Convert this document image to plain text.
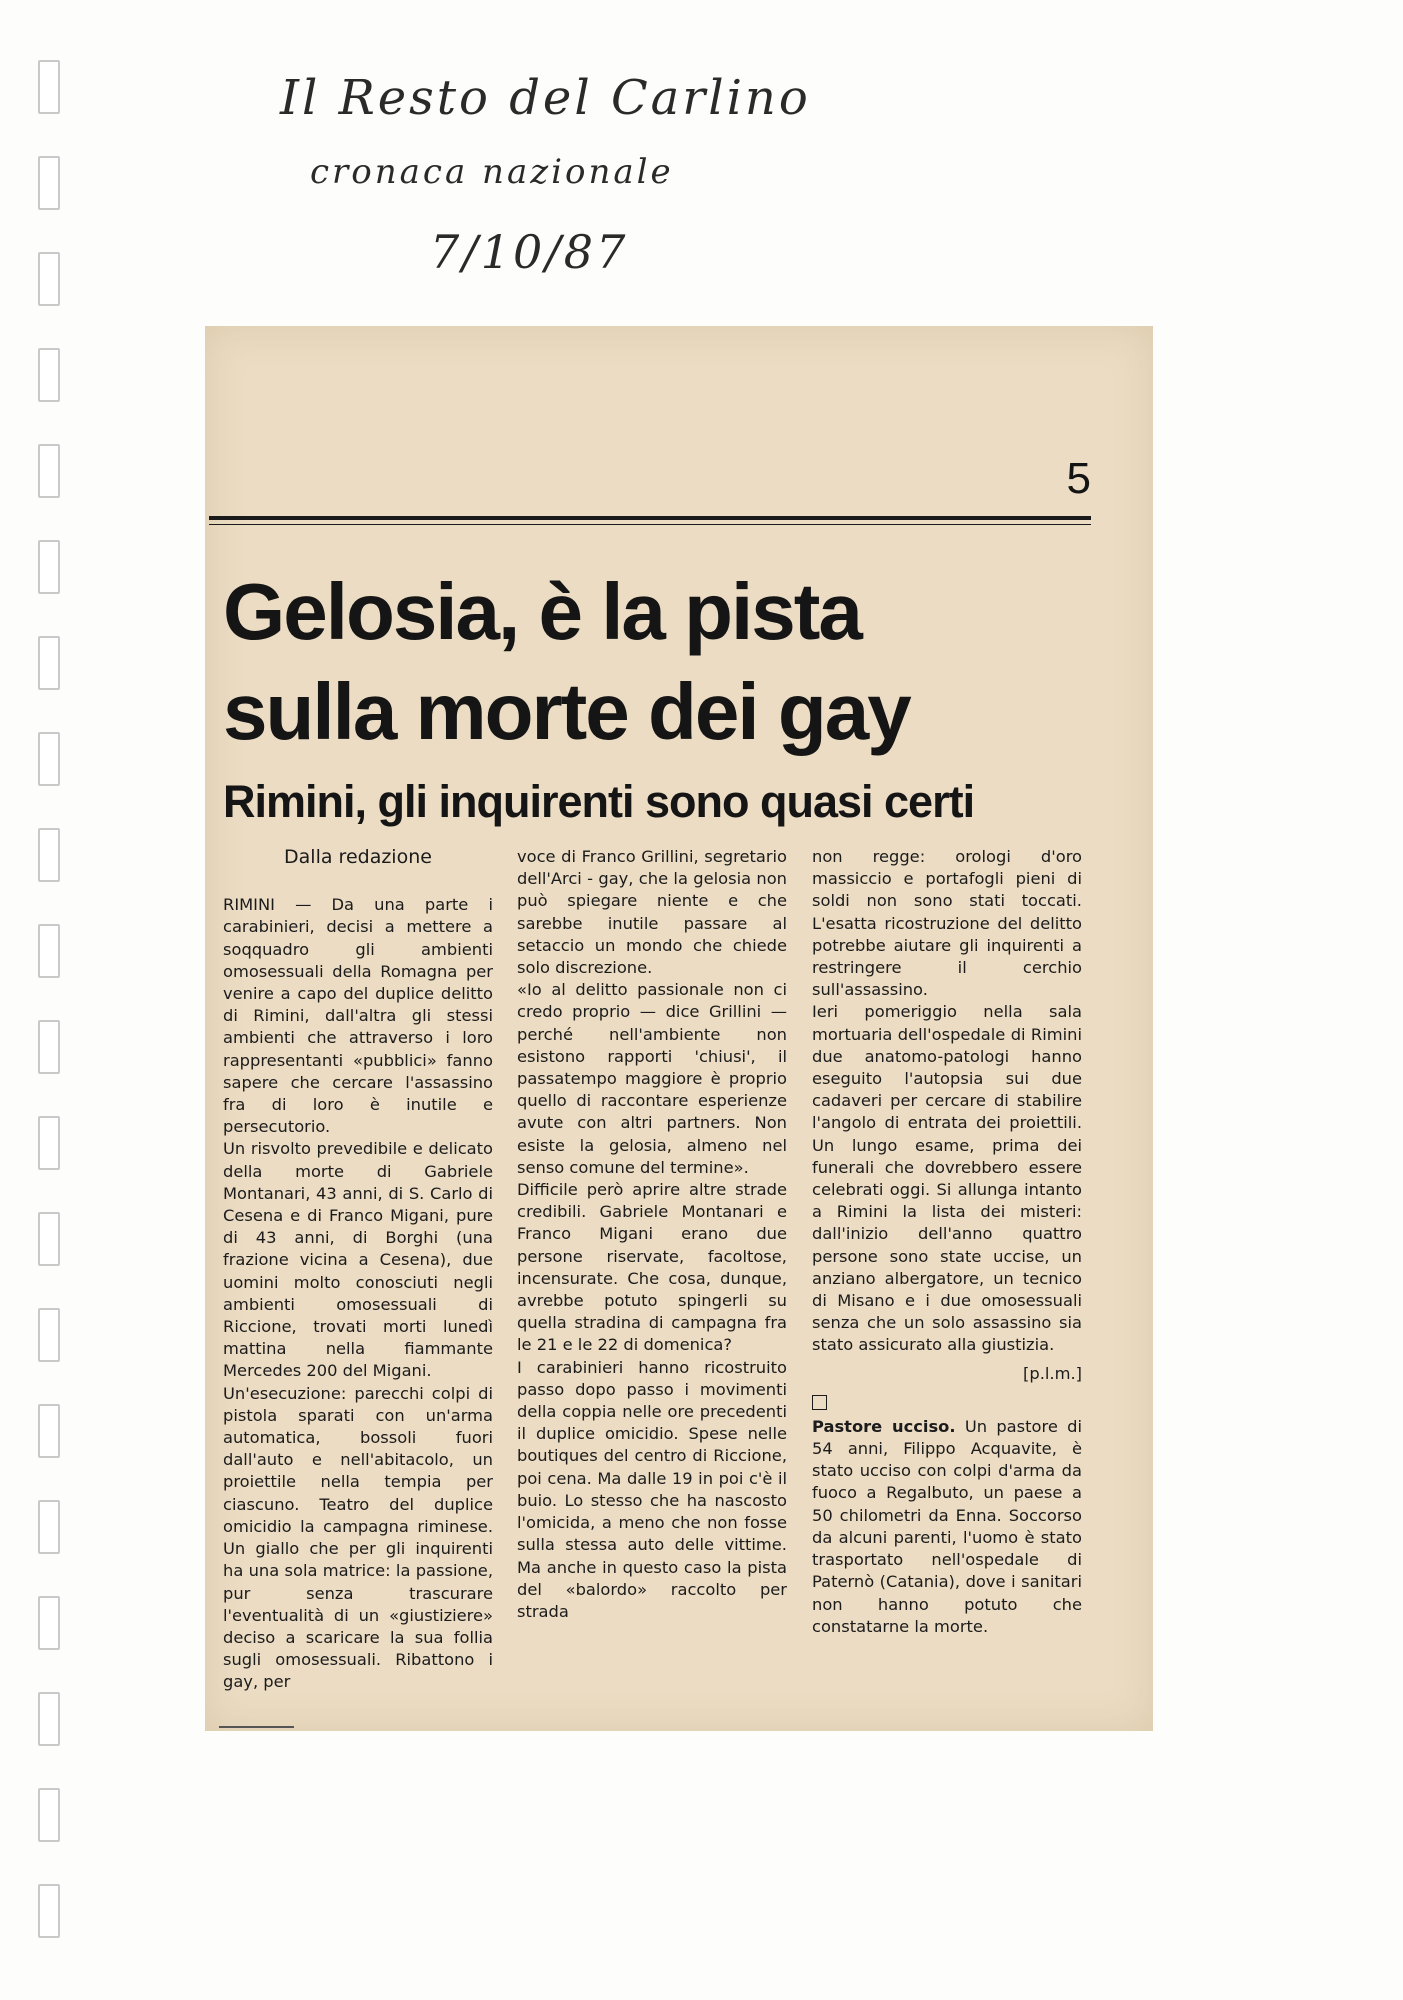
Il Resto del Carlino
cronaca nazionale
7/10/87
5
Gelosia, è la pista
sulla morte dei gay
Rimini, gli inquirenti sono quasi certi

Dalla redazione

RIMINI — Da una parte i carabinieri, decisi a mettere a soqquadro gli ambienti omosessuali della Romagna per venire a capo del duplice delitto di Rimini, dall'altra gli stessi ambienti che attraverso i loro rappresentanti «pubblici» fanno sapere che cercare l'assassino fra di loro è inutile e persecutorio.

Un risvolto prevedibile e delicato della morte di Gabriele Montanari, 43 anni, di S. Carlo di Cesena e di Franco Migani, pure di 43 anni, di Borghi (una frazione vicina a Cesena), due uomini molto conosciuti negli ambienti omosessuali di Riccione, trovati morti lunedì mattina nella fiammante Mercedes 200 del Migani.

Un'esecuzione: parecchi colpi di pistola sparati con un'arma automatica, bossoli fuori dall'auto e nell'abitacolo, un proiettile nella tempia per ciascuno. Teatro del duplice omicidio la campagna riminese. Un giallo che per gli inquirenti ha una sola matrice: la passione, pur senza trascurare l'eventualità di un «giustiziere» deciso a scaricare la sua follia sugli omosessuali. Ribattono i gay, per

voce di Franco Grillini, segretario dell'Arci - gay, che la gelosia non può spiegare niente e che sarebbe inutile passare al setaccio un mondo che chiede solo discrezione.

«Io al delitto passionale non ci credo proprio — dice Grillini — perché nell'ambiente non esistono rapporti 'chiusi', il passatempo maggiore è proprio quello di raccontare esperienze avute con altri partners. Non esiste la gelosia, almeno nel senso comune del termine».

Difficile però aprire altre strade credibili. Gabriele Montanari e Franco Migani erano due persone riservate, facoltose, incensurate. Che cosa, dunque, avrebbe potuto spingerli su quella stradina di campagna fra le 21 e le 22 di domenica?

I carabinieri hanno ricostruito passo dopo passo i movimenti della coppia nelle ore precedenti il duplice omicidio. Spese nelle boutiques del centro di Riccione, poi cena. Ma dalle 19 in poi c'è il buio. Lo stesso che ha nascosto l'omicida, a meno che non fosse sulla stessa auto delle vittime. Ma anche in questo caso la pista del «balordo» raccolto per strada

non regge: orologi d'oro massiccio e portafogli pieni di soldi non sono stati toccati. L'esatta ricostruzione del delitto potrebbe aiutare gli inquirenti a restringere il cerchio sull'assassino.

Ieri pomeriggio nella sala mortuaria dell'ospedale di Rimini due anatomo-patologi hanno eseguito l'autopsia sui due cadaveri per cercare di stabilire l'angolo di entrata dei proiettili. Un lungo esame, prima dei funerali che dovrebbero essere celebrati oggi. Si allunga intanto a Rimini la lista dei misteri: dall'inizio dell'anno quattro persone sono state uccise, un anziano albergatore, un tecnico di Misano e i due omosessuali senza che un solo assassino sia stato assicurato alla giustizia.

[p.l.m.]

Pastore ucciso. Un pastore di 54 anni, Filippo Acquavite, è stato ucciso con colpi d'arma da fuoco a Regalbuto, un paese a 50 chilometri da Enna. Soccorso da alcuni parenti, l'uomo è stato trasportato nell'ospedale di Paternò (Catania), dove i sanitari non hanno potuto che constatarne la morte.
